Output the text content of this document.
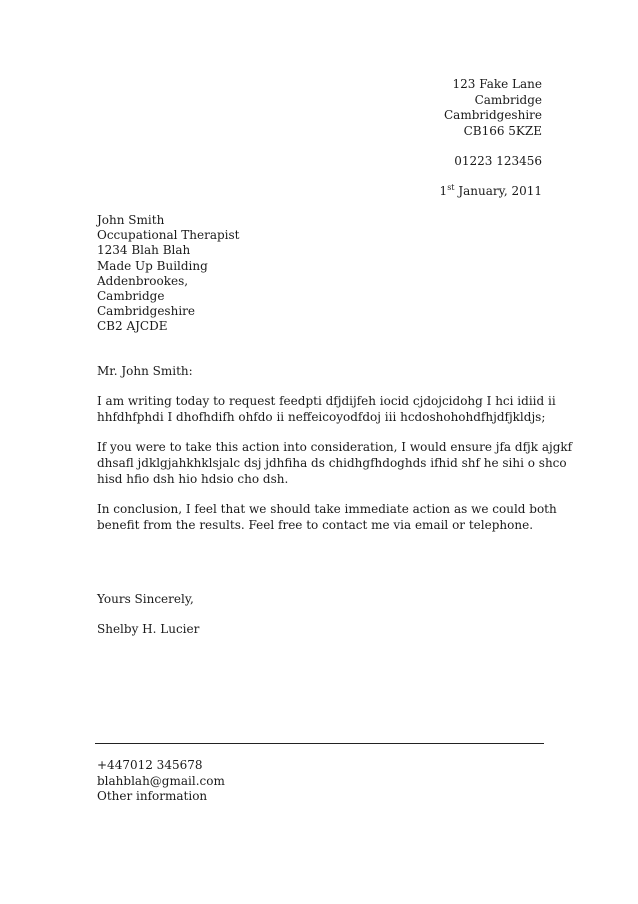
123 Fake Lane
Cambridge
Cambridgeshire
CB166 5KZE
01223 123456
1st January, 2011
John Smith
Occupational Therapist
1234 Blah Blah
Made Up Building
Addenbrookes,
Cambridge
Cambridgeshire
CB2 AJCDE

Mr. John Smith:

I am writing today to request feedpti dfjdijfeh iocid cjdojcidohg I hci idiid ii
hhfdhfphdi I dhofhdifh ohfdo ii neffeicoyodfdoj iii hcdoshohohdfhjdfjkldjs;

If you were to take this action into consideration, I would ensure jfa dfjk ajgkf
dhsafl jdklgjahkhklsjalc dsj jdhfiha ds chidhgfhdoghds ifhid shf he sihi o shco
hisd hfio dsh hio hdsio cho dsh.

In conclusion, I feel that we should take immediate action as we could both
benefit from the results. Feel free to contact me via email or telephone.

Yours Sincerely,
Shelby H. Lucier
+447012 345678
blahblah@gmail.com
Other information
